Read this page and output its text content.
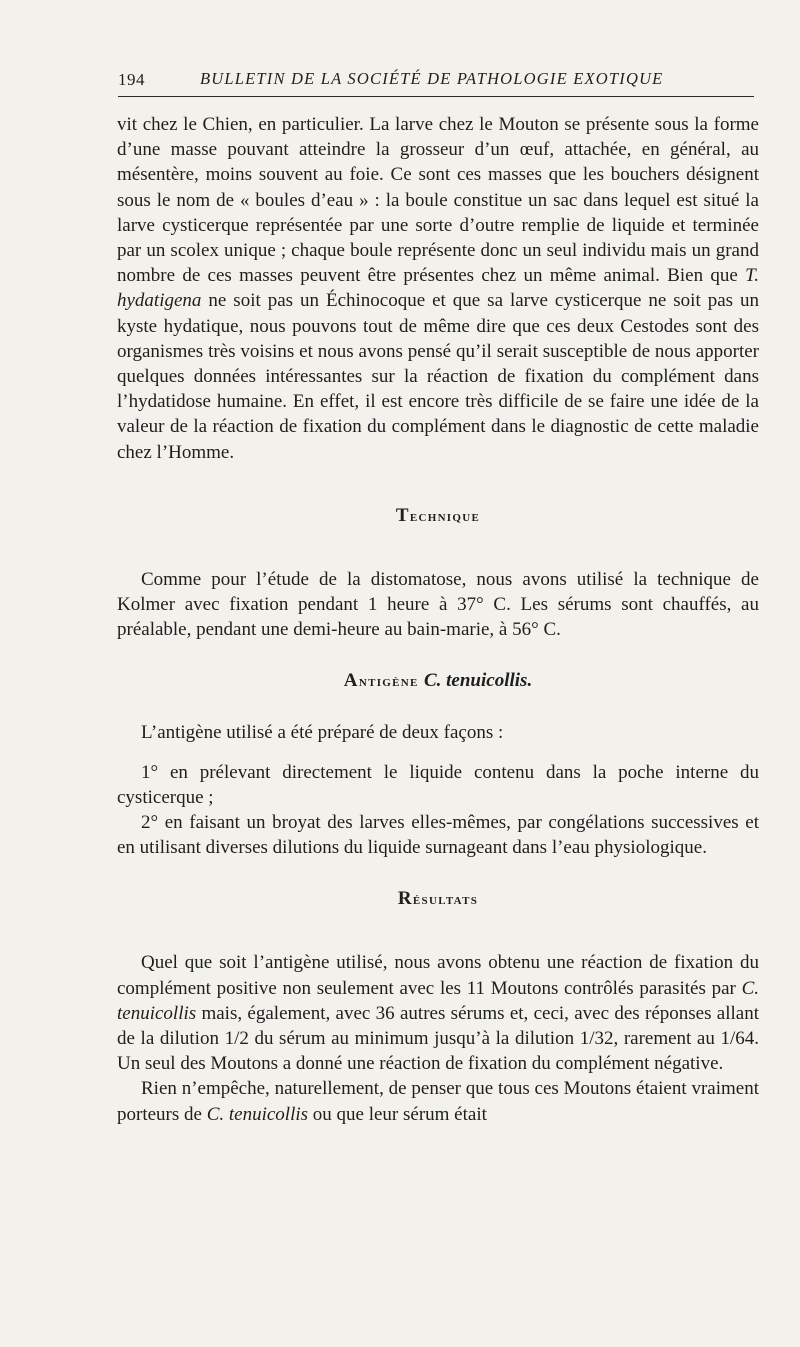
194	BULLETIN DE LA SOCIÉTÉ DE PATHOLOGIE EXOTIQUE

vit chez le Chien, en particulier. La larve chez le Mouton se présente sous la forme d’une masse pouvant atteindre la grosseur d’un œuf, attachée, en général, au mésentère, moins souvent au foie. Ce sont ces masses que les bouchers désignent sous le nom de « boules d’eau » : la boule constitue un sac dans lequel est situé la larve cysticerque représentée par une sorte d’outre remplie de liquide et terminée par un scolex unique ; chaque boule représente donc un seul individu mais un grand nombre de ces masses peuvent être présentes chez un même animal. Bien que T. hydatigena ne soit pas un Échinocoque et que sa larve cysticerque ne soit pas un kyste hydatique, nous pouvons tout de même dire que ces deux Cestodes sont des organismes très voisins et nous avons pensé qu’il serait susceptible de nous apporter quelques données intéressantes sur la réaction de fixation du complément dans l’hydatidose humaine. En effet, il est encore très difficile de se faire une idée de la valeur de la réaction de fixation du complément dans le diagnostic de cette maladie chez l’Homme.

Technique

Comme pour l’étude de la distomatose, nous avons utilisé la technique de Kolmer avec fixation pendant 1 heure à 37° C. Les sérums sont chauffés, au préalable, pendant une demi-heure au bain-marie, à 56° C.

Antigène C. tenuicollis.

L’antigène utilisé a été préparé de deux façons :

1° en prélevant directement le liquide contenu dans la poche interne du cysticerque ;

2° en faisant un broyat des larves elles-mêmes, par congélations successives et en utilisant diverses dilutions du liquide surnageant dans l’eau physiologique.

Résultats

Quel que soit l’antigène utilisé, nous avons obtenu une réaction de fixation du complément positive non seulement avec les 11 Moutons contrôlés parasités par C. tenuicollis mais, également, avec 36 autres sérums et, ceci, avec des réponses allant de la dilution 1/2 du sérum au minimum jusqu’à la dilution 1/32, rarement au 1/64. Un seul des Moutons a donné une réaction de fixation du complément négative.

Rien n’empêche, naturellement, de penser que tous ces Moutons étaient vraiment porteurs de C. tenuicollis ou que leur sérum était
